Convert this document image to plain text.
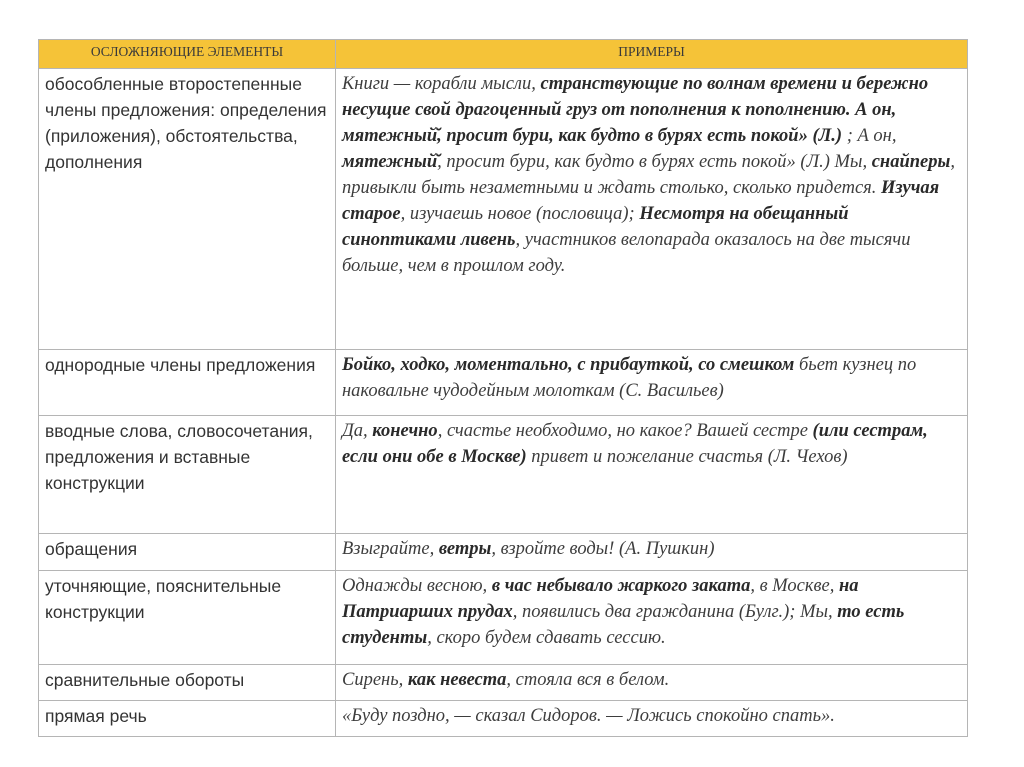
ОСЛОЖНЯЮЩИЕ ЭЛЕМЕНТЫ	ПРИМЕРЫ
обособленные второстепенные члены предложения: определения (приложения), обстоятельства, дополнения	Книги — корабли мысли, странствующие по волнам времени и бережно несущие свой драгоценный груз от пополнения к пополнению. А он, мятежный̆, просит бури, как будто в бурях есть покой» (Л.) ; А он, мятежный̆, просит бури, как будто в бурях есть покой» (Л.) Мы, снайперы, привыкли быть незаметными и ждать столько, сколько придется. Изучая старое, изучаешь новое (пословица); Несмотря на обещанный синоптиками ливень, участников велопарада оказалось на две тысячи больше, чем в прошлом году.
однородные члены предложения	Бойко, ходко, моментально, с прибауткой, со смешком бьет кузнец по наковальне чудодейным молоткам (С. Васильев)
вводные слова, словосочетания, предложения и вставные конструкции	Да, конечно, счастье необходимо, но какое? Вашей сестре (или сестрам, если они обе в Москве) привет и пожелание счастья (Л. Чехов)
обращения	Взыграйте, ветры, взройте воды! (А. Пушкин)
уточняющие, пояснительные конструкции	Однажды весною, в час небывало жаркого заката, в Москве, на Патриарших прудах, появились два гражданина (Булг.); Мы, то есть студенты, скоро будем сдавать сессию.
сравнительные обороты	Сирень, как невеста, стояла вся в белом.
прямая речь	«Буду поздно, — сказал Сидоров. — Ложись спокойно спать».
